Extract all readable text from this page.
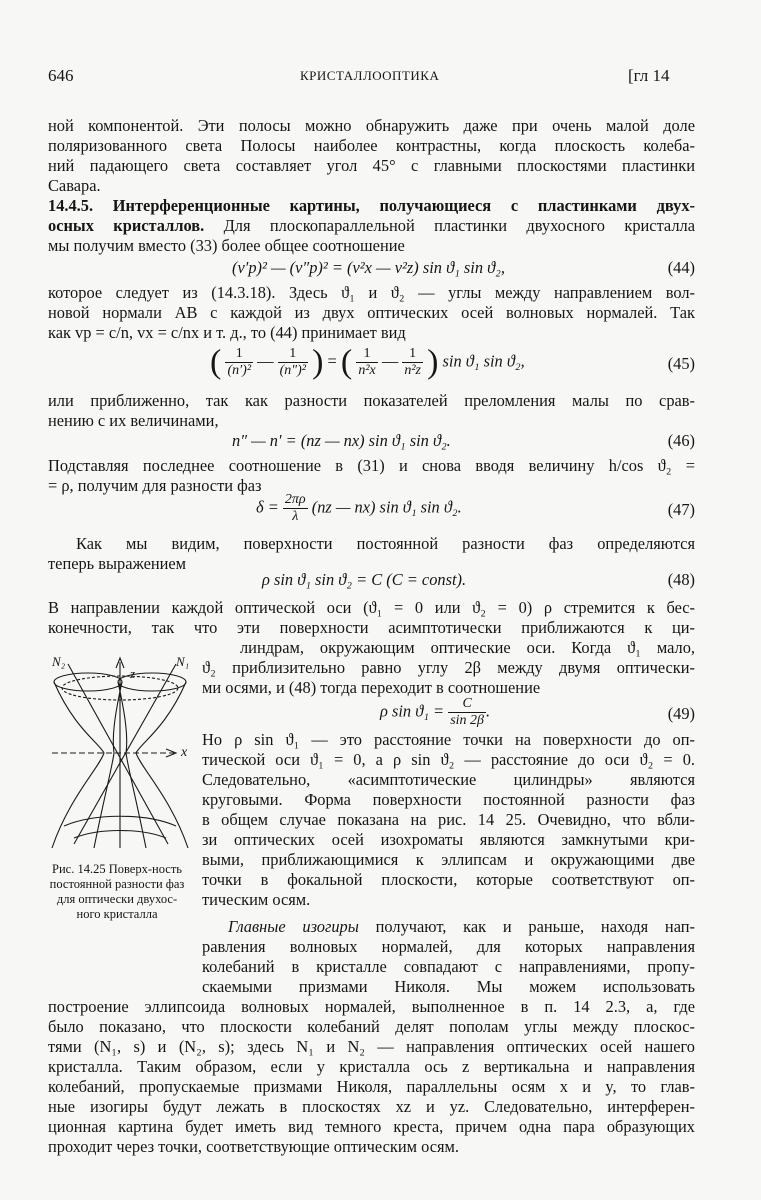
646	КРИСТАЛЛООПТИКА	[гл 14
ной компонентой. Эти полосы можно обнаружить даже при очень малой доле
поляризованного света Полосы наиболее контрастны, когда плоскость колеба-
ний падающего света составляет угол 45° с главными плоскостями пластинки
Савара.
14.4.5. Интерференционные картины, получающиеся с пластинками двух-
осных кристаллов. Для плоскопараллельной пластинки двухосного кристалла
мы получим вместо (33) более общее соотношение
(v′p)² — (v″p)² = (v²x — v²z) sin ϑ₁ sin ϑ₂,	(44)
которое следует из (14.3.18). Здесь ϑ₁ и ϑ₂ — углы между направлением вол-
новой нормали AB с каждой из двух оптических осей волновых нормалей. Так
как vp = c/n, vx = c/nx и т. д., то (44) принимает вид
( $\frac{1}{\text{(n′)²}}$ — $\frac{1}{\text{(n″)²}}$ ) = ( $\frac{1}{\text{n²x}}$ — $\frac{1}{\text{n²z}}$ ) sin ϑ₁ sin ϑ₂,	(45)
или приближенно, так как разности показателей преломления малы по срав-
нению с их величинами,
n″ — n′ = (nz — nx) sin ϑ₁ sin ϑ₂.	(46)
Подставляя последнее соотношение в (31) и снова вводя величину h/cos ϑ₂ =
= ρ, получим для разности фаз
$\delta = \frac{2\pi\rho}{\lambda} (nz$ — nx) sin ϑ₁ sin ϑ₂.	(47)
Как мы видим, поверхности постоянной разности фаз определяются
теперь выражением
ρ sin ϑ₁ sin ϑ₂ = C (C = const).	(48)
В направлении каждой оптической оси (ϑ₁ = 0 или ϑ₂ = 0) ρ стремится к бес-
конечности, так что эти поверхности асимптотически приближаются к ци-
линдрам, окружающим оптические оси. Когда ϑ₁ мало,
ϑ₂ приблизительно равно углу 2β между двумя оптически-
ми осями, и (48) тогда переходит в соотношение
ρ $\sin ϑ_1 = \frac{C}{\sin 2\beta}$ .	(49)
Но ρ sin ϑ₁ — это расстояние точки на поверхности до оп-
тической оси ϑ₁ = 0, а ρ sin ϑ₂ — расстояние до оси ϑ₂ = 0.
Следовательно, «асимптотические цилиндры» являются
круговыми. Форма поверхности постоянной разности фаз
в общем случае показана на рис. 14 25. Очевидно, что вбли-
зи оптических осей изохроматы являются замкнутыми кри-
выми, приближающимися к эллипсам и окружающими две
точки в фокальной плоскости, которые соответствуют оп-
тическим осям.
N₂	N₁
z
x
Рис. 14.25 Поверх-ность постоянной разности фаз для оптически двухос-ного кристалла
Главные изогиры получают, как и раньше, находя нап-
равления волновых нормалей, для которых направления
колебаний в кристалле совпадают с направлениями, пропу-
скаемыми призмами Николя. Мы можем использовать
построение эллипсоида волновых нормалей, выполненное в п. 14 2.3, a, где
было показано, что плоскости колебаний делят пополам углы между плоскос-
тями (N₁, s) и (N₂, s); здесь N₁ и N₂ — направления оптических осей нашего
кристалла. Таким образом, если у кристалла ось z вертикальна и направления
колебаний, пропускаемые призмами Николя, параллельны осям x и y, то глав-
ные изогиры будут лежать в плоскостях xz и yz. Следовательно, интерферен-
ционная картина будет иметь вид темного креста, причем одна пара образующих
проходит через точки, соответствующие оптическим осям.
